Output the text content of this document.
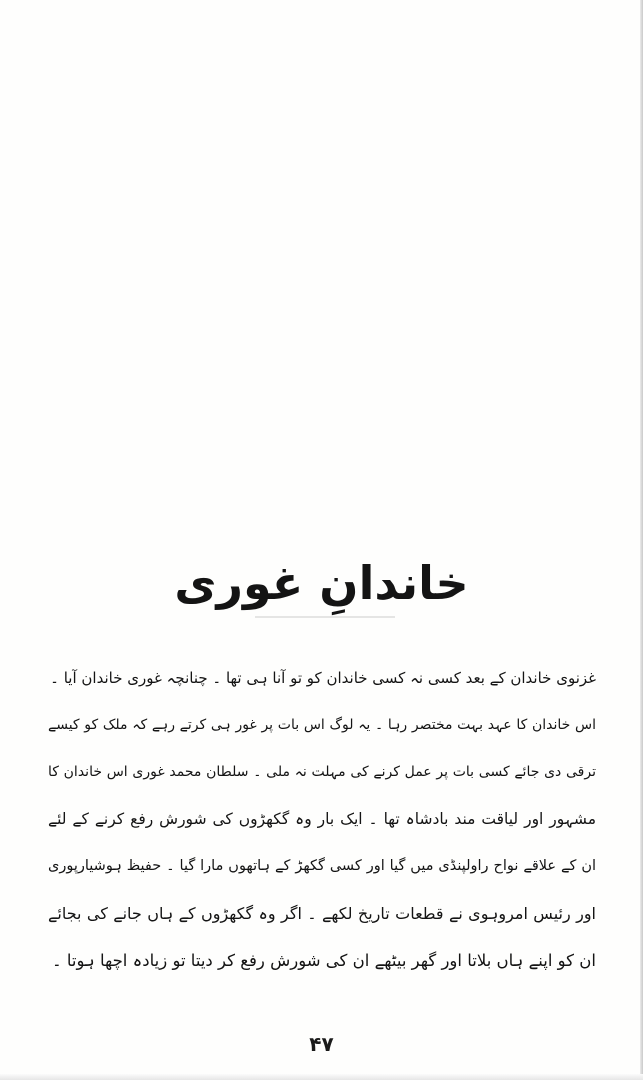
خاندانِ غوری
غزنوی خاندان کے بعد کسی نہ کسی خاندان کو تو آنا ہی تھا ۔ چنانچہ غوری خاندان آیا ۔
اس خاندان کا عہد بہت مختصر رہا ۔ یہ لوگ اس بات پر غور ہی کرتے رہے کہ ملک کو کیسے
ترقی دی جائے کسی بات پر عمل کرنے کی مہلت نہ ملی ۔ سلطان محمد غوری اس خاندان کا
مشہور اور لیاقت مند بادشاہ تھا ۔ ایک بار وہ گکھڑوں کی شورش رفع کرنے کے لئے
ان کے علاقے نواح راولپنڈی میں گیا اور کسی گکھڑ کے ہاتھوں مارا گیا ۔ حفیظ ہوشیارپوری
اور رئیس امروہوی نے قطعات تاریخ لکھے ۔ اگر وہ گکھڑوں کے ہاں جانے کی بجائے
ان کو اپنے ہاں بلاتا اور گھر بیٹھے ان کی شورش رفع کر دیتا تو زیادہ اچھا ہوتا ۔
۴۷
